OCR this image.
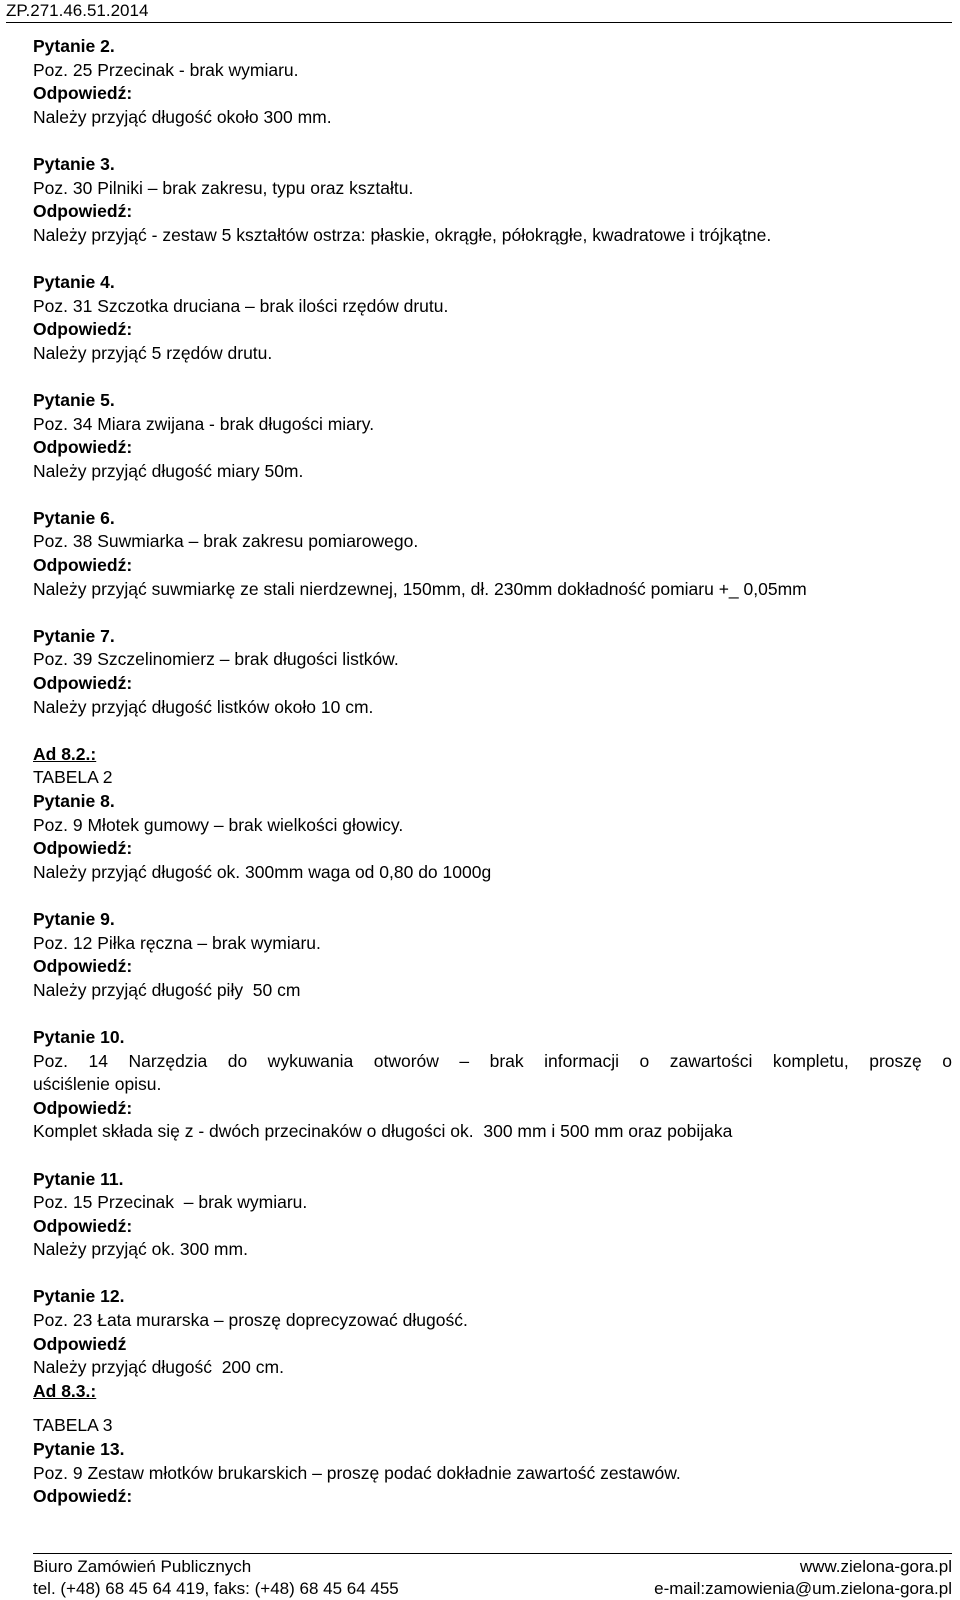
ZP.271.46.51.2014
Pytanie 2.
Poz. 25 Przecinak - brak wymiaru.
Odpowiedź:
Należy przyjąć długość około 300 mm.
Pytanie 3.
Poz. 30 Pilniki – brak zakresu, typu oraz kształtu.
Odpowiedź:
Należy przyjąć - zestaw 5 kształtów ostrza: płaskie, okrągłe, półokrągłe, kwadratowe i trójkątne.
Pytanie 4.
Poz. 31 Szczotka druciana – brak ilości rzędów drutu.
Odpowiedź:
Należy przyjąć 5 rzędów drutu.
Pytanie 5.
Poz. 34 Miara zwijana - brak długości miary.
Odpowiedź:
Należy przyjąć długość miary 50m.
Pytanie 6.
Poz. 38 Suwmiarka – brak zakresu pomiarowego.
Odpowiedź:
Należy przyjąć suwmiarkę ze stali nierdzewnej, 150mm, dł. 230mm dokładność pomiaru +_ 0,05mm
Pytanie 7.
Poz. 39 Szczelinomierz – brak długości listków.
Odpowiedź:
Należy przyjąć długość listków około 10 cm.
Ad 8.2.:
TABELA 2
Pytanie 8.
Poz. 9 Młotek gumowy – brak wielkości głowicy.
Odpowiedź:
Należy przyjąć długość ok. 300mm waga od 0,80 do 1000g
Pytanie 9.
Poz. 12 Piłka ręczna – brak wymiaru.
Odpowiedź:
Należy przyjąć długość piły  50 cm
Pytanie 10.
Poz. 14 Narzędzia do wykuwania otworów – brak informacji o zawartości kompletu, proszę o
uściślenie opisu.
Odpowiedź:
Komplet składa się z - dwóch przecinaków o długości ok.  300 mm i 500 mm oraz pobijaka
Pytanie 11.
Poz. 15 Przecinak  – brak wymiaru.
Odpowiedź:
Należy przyjąć ok. 300 mm.
Pytanie 12.
Poz. 23 Łata murarska – proszę doprecyzować długość.
Odpowiedź
Należy przyjąć długość  200 cm.
Ad 8.3.:
TABELA 3
Pytanie 13.
Poz. 9 Zestaw młotków brukarskich – proszę podać dokładnie zawartość zestawów.
Odpowiedź:
Biuro Zamówień Publicznych	www.zielona-gora.pl
tel. (+48) 68 45 64 419, faks: (+48) 68 45 64 455	e-mail:zamowienia@um.zielona-gora.pl
